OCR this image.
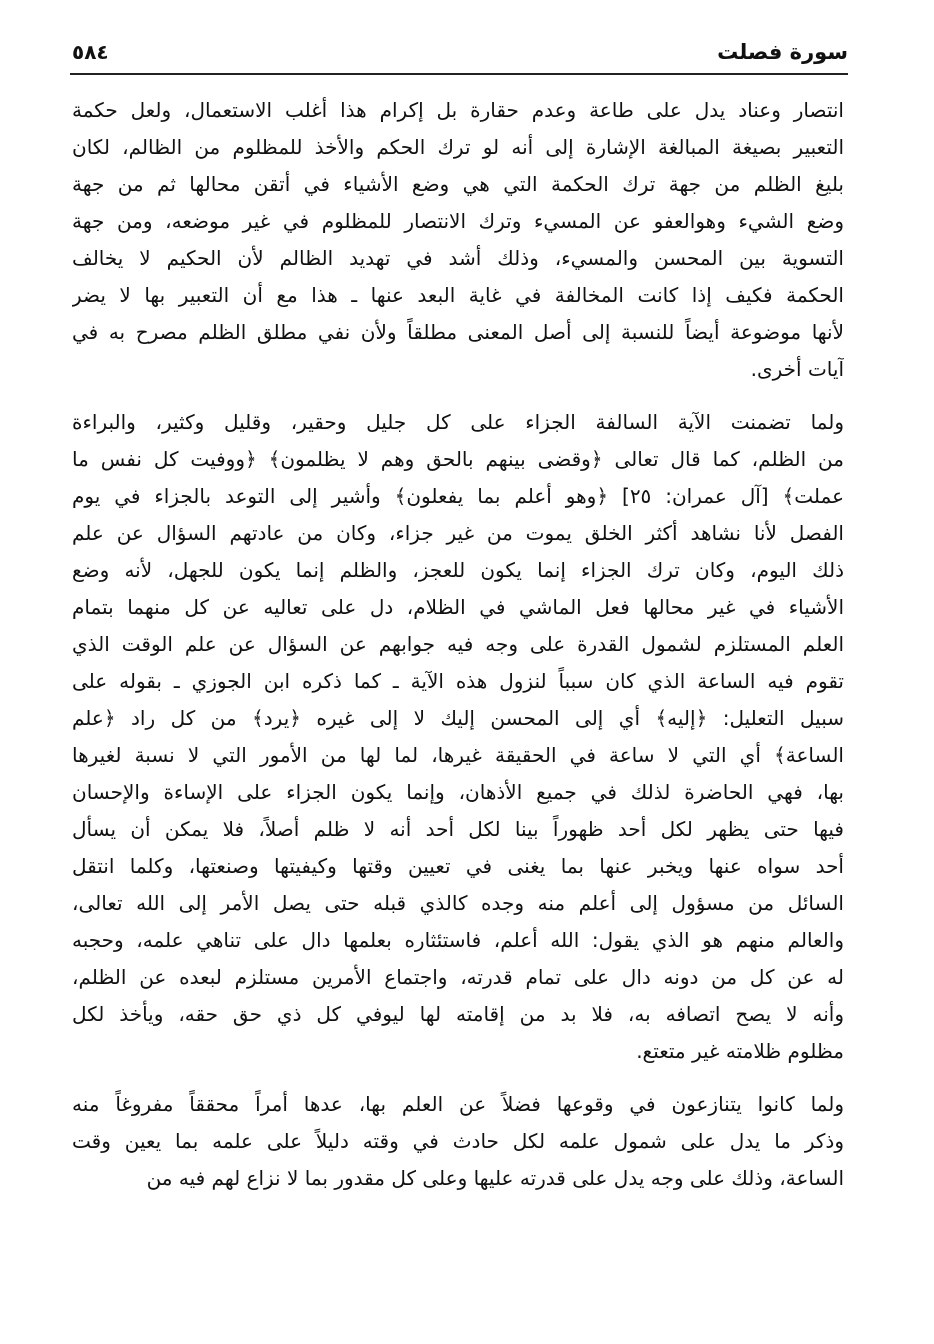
٥٨٤	سورة فصلت
انتصار وعناد يدل على طاعة وعدم حقارة بل إكرام هذا أغلب الاستعمال، ولعل حكمة
التعبير بصيغة المبالغة الإشارة إلى أنه لو ترك الحكم والأخذ للمظلوم من الظالم، لكان
بليغ الظلم من جهة ترك الحكمة التي هي وضع الأشياء في أتقن محالها ثم من جهة
وضع الشيء وهوالعفو عن المسيء وترك الانتصار للمظلوم في غير موضعه، ومن جهة
التسوية بين المحسن والمسيء، وذلك أشد في تهديد الظالم لأن الحكيم لا يخالف
الحكمة فكيف إذا كانت المخالفة في غاية البعد عنها ـ هذا مع أن التعبير بها لا يضر
لأنها موضوعة أيضاً للنسبة إلى أصل المعنى مطلقاً ولأن نفي مطلق الظلم مصرح به في
آيات أخرى.
ولما تضمنت الآية السالفة الجزاء على كل جليل وحقير، وقليل وكثير، والبراءة
من الظلم، كما قال تعالى ﴿وقضى بينهم بالحق وهم لا يظلمون﴾ ﴿ووفيت كل نفس ما
عملت﴾ [آل عمران: ٢٥] ﴿وهو أعلم بما يفعلون﴾ وأشير إلى التوعد بالجزاء في يوم
الفصل لأنا نشاهد أكثر الخلق يموت من غير جزاء، وكان من عادتهم السؤال عن علم
ذلك اليوم، وكان ترك الجزاء إنما يكون للعجز، والظلم إنما يكون للجهل، لأنه وضع
الأشياء في غير محالها فعل الماشي في الظلام، دل على تعاليه عن كل منهما بتمام
العلم المستلزم لشمول القدرة على وجه فيه جوابهم عن السؤال عن علم الوقت الذي
تقوم فيه الساعة الذي كان سبباً لنزول هذه الآية ـ كما ذكره ابن الجوزي ـ بقوله على
سبيل التعليل: ﴿إليه﴾ أي إلى المحسن إليك لا إلى غيره ﴿يرد﴾ من كل راد ﴿علم
الساعة﴾ أي التي لا ساعة في الحقيقة غيرها، لما لها من الأمور التي لا نسبة لغيرها
بها، فهي الحاضرة لذلك في جميع الأذهان، وإنما يكون الجزاء على الإساءة والإحسان
فيها حتى يظهر لكل أحد ظهوراً بينا لكل أحد أنه لا ظلم أصلاً، فلا يمكن أن يسأل
أحد سواه عنها ويخبر عنها بما يغنى في تعيين وقتها وكيفيتها وصنعتها، وكلما انتقل
السائل من مسؤول إلى أعلم منه وجده كالذي قبله حتى يصل الأمر إلى الله تعالى،
والعالم منهم هو الذي يقول: الله أعلم، فاستئثاره بعلمها دال على تناهي علمه، وحجبه
له عن كل من دونه دال على تمام قدرته، واجتماع الأمرين مستلزم لبعده عن الظلم،
وأنه لا يصح اتصافه به، فلا بد من إقامته لها ليوفي كل ذي حق حقه، ويأخذ لكل
مظلوم ظلامته غير متعتع.
ولما كانوا يتنازعون في وقوعها فضلاً عن العلم بها، عدها أمراً محققاً مفروغاً منه
وذكر ما يدل على شمول علمه لكل حادث في وقته دليلاً على علمه بما يعين وقت
الساعة، وذلك على وجه يدل على قدرته عليها وعلى كل مقدور بما لا نزاع لهم فيه من
